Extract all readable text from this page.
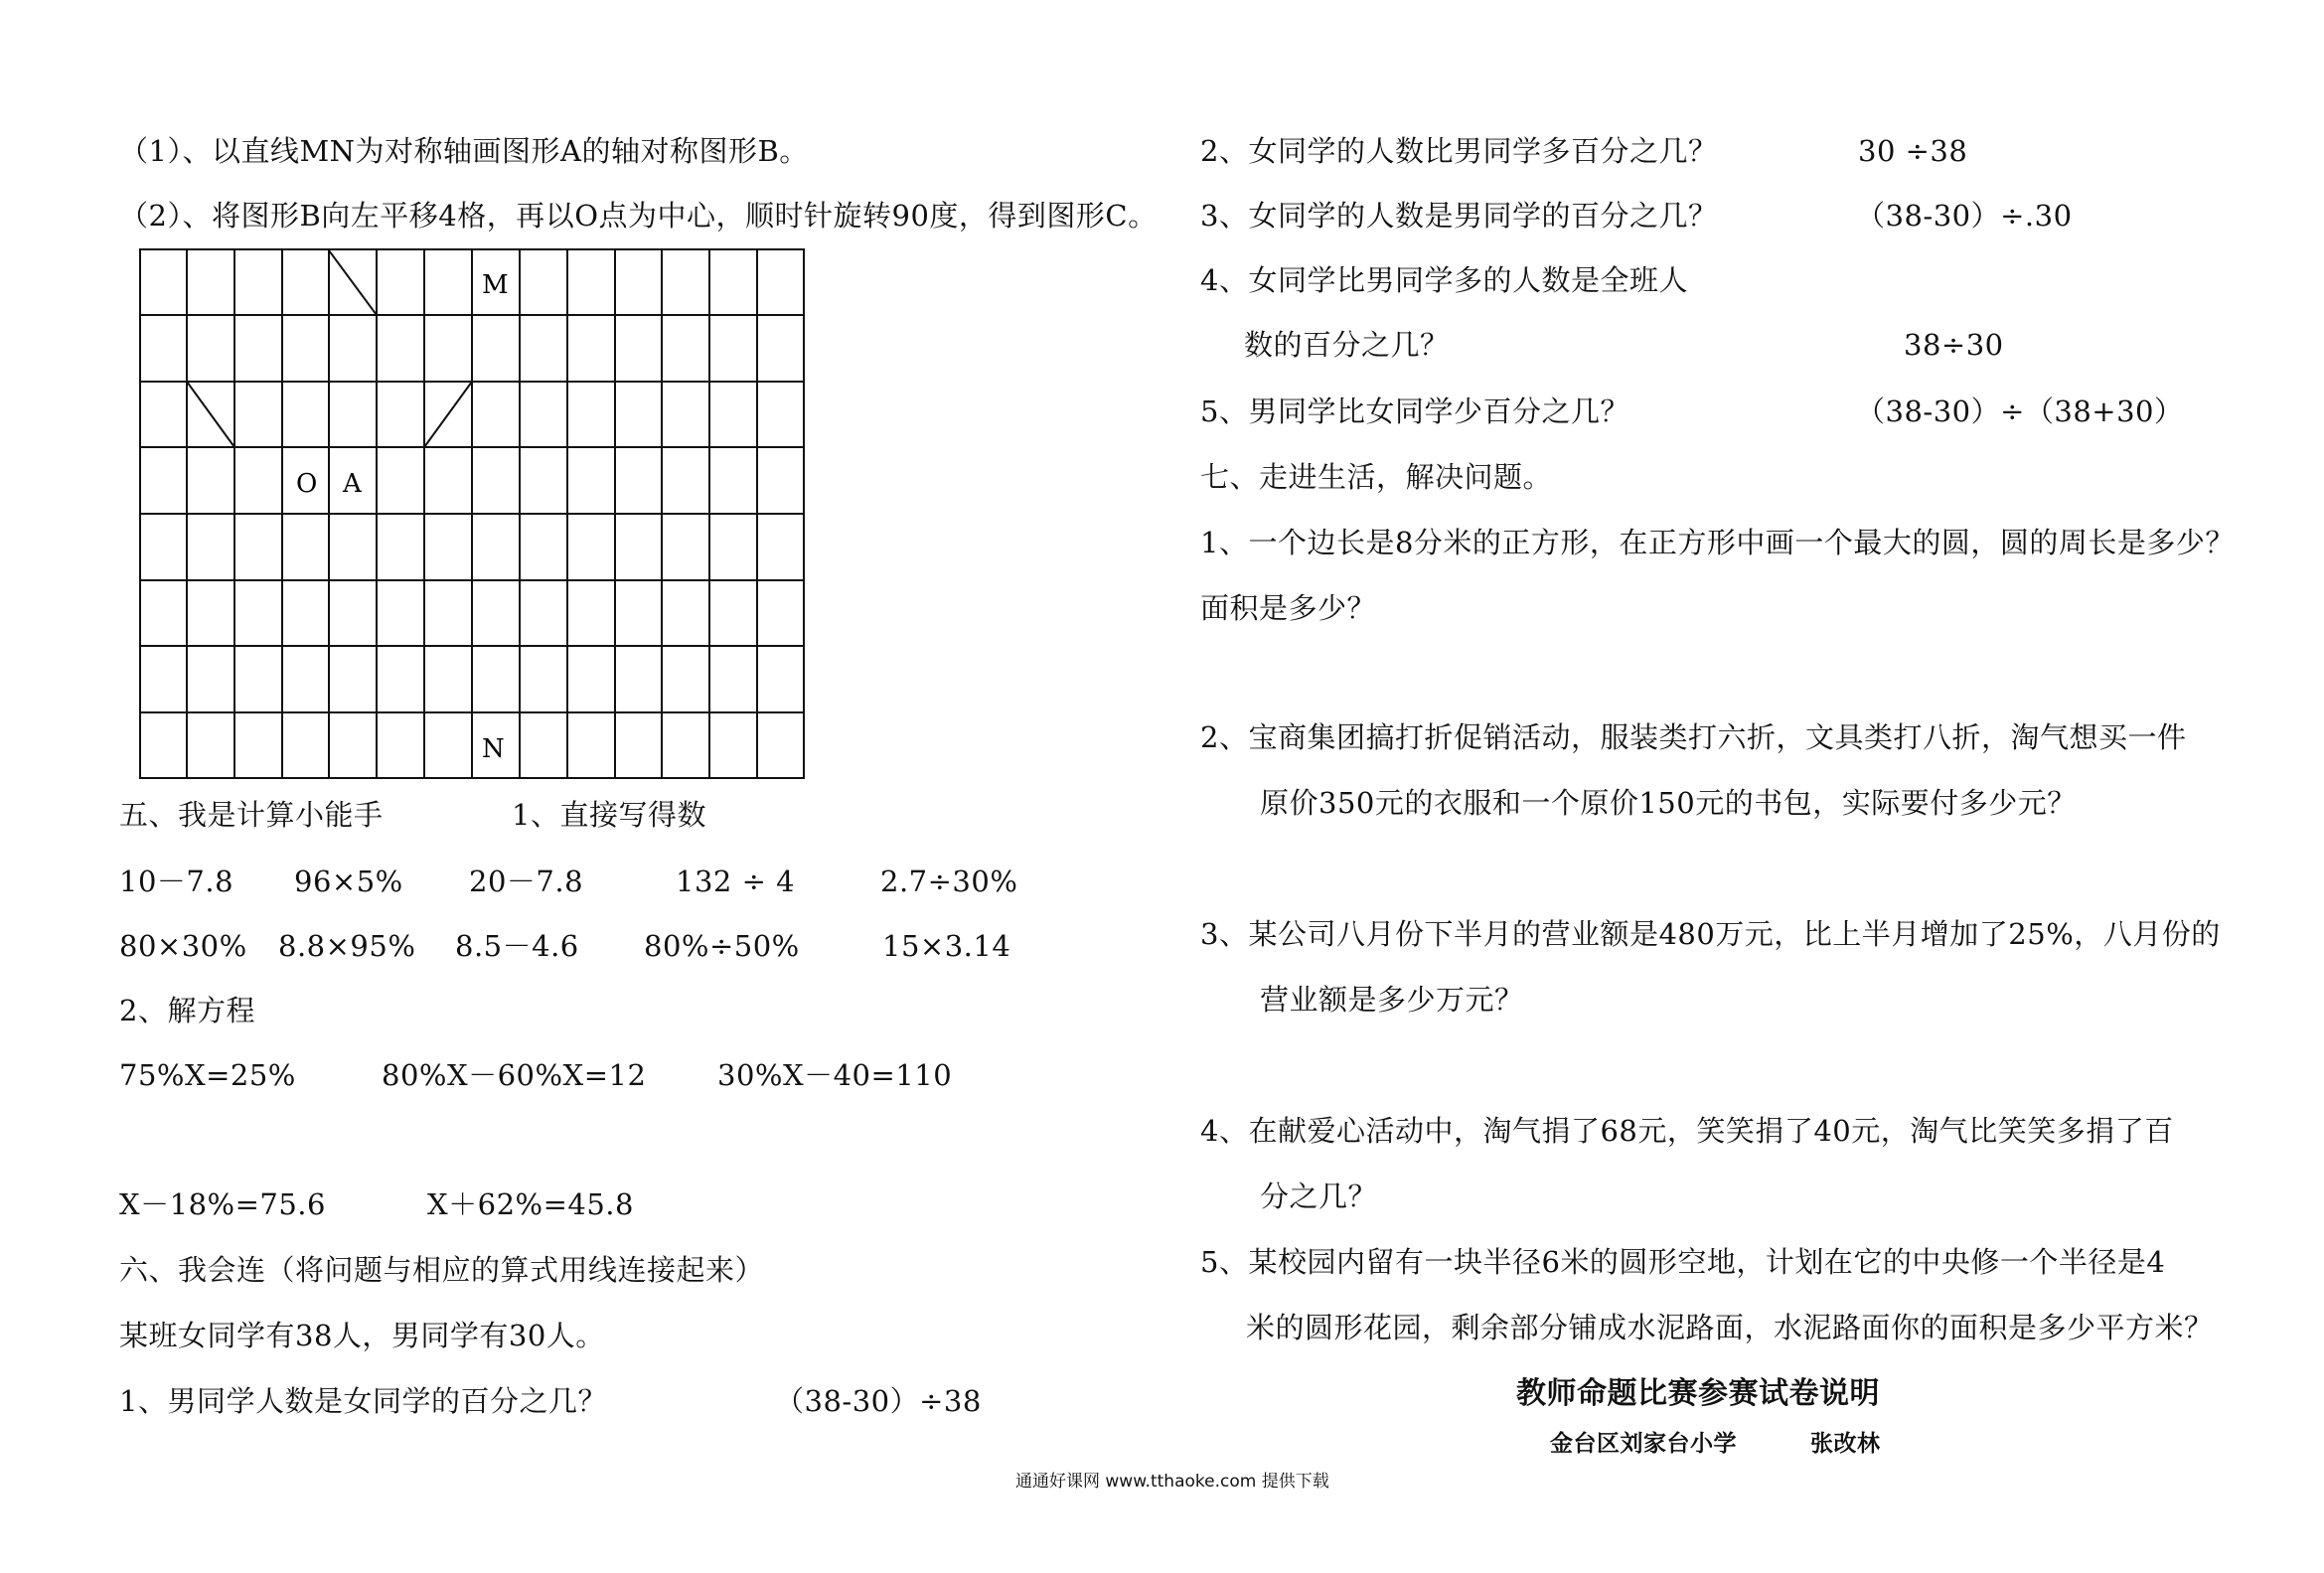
（1）、以直线MN为对称轴画图形A的轴对称图形B。
（2）、将图形B向左平移4格，再以O点为中心，顺时针旋转90度，得到图形C。
M
N
O A
五、我是计算小能手	1、直接写得数
10－7.8 96×5% 20－7.8	132 ÷ 4	2.7÷30%
80×30% 8.8×95% 8.5－4.6 80%÷50%	15×3.14
2、解方程
75%X=25%	80%X－60%X=12 30%X－40=110
X－18%=75.6	X＋62%=45.8
六、我会连（将问题与相应的算式用线连接起来）
某班女同学有38人，男同学有30人。
1、男同学人数是女同学的百分之几？	（38-30）÷38
2、女同学的人数比男同学多百分之几？	30 ÷38
3、女同学的人数是男同学的百分之几？	（38-30）÷.30
4、女同学比男同学多的人数是全班人
数的百分之几？	38÷30
5、男同学比女同学少百分之几？	（38-30）÷（38+30）
七、走进生活，解决问题。
1、一个边长是8分米的正方形，在正方形中画一个最大的圆，圆的周长是多少？
面积是多少？
2、宝商集团搞打折促销活动，服装类打六折，文具类打八折，淘气想买一件
原价350元的衣服和一个原价150元的书包，实际要付多少元？
3、某公司八月份下半月的营业额是480万元，比上半月增加了25%，八月份的
营业额是多少万元？
4、在献爱心活动中，淘气捐了68元，笑笑捐了40元，淘气比笑笑多捐了百
分之几？
5、某校园内留有一块半径6米的圆形空地，计划在它的中央修一个半径是4
米的圆形花园，剩余部分铺成水泥路面，水泥路面你的面积是多少平方米？
教师命题比赛参赛试卷说明
金台区刘家台小学	张改林
通通好课网 www.tthaoke.com 提供下载
